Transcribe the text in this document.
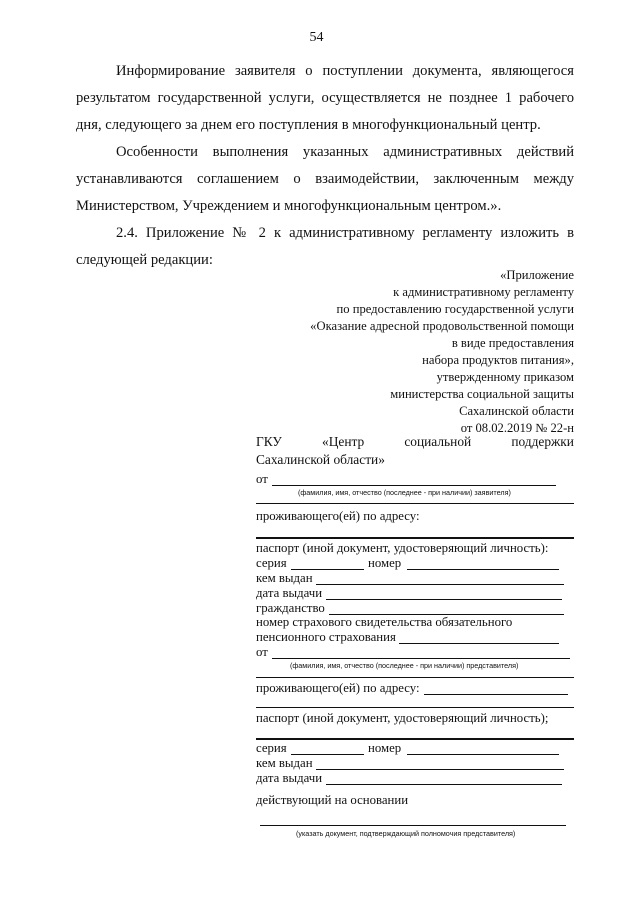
54

Информирование заявителя о поступлении документа, являющегося результатом государственной услуги, осуществляется не позднее 1 рабочего дня, следующего за днем его поступления в многофункциональный центр.

Особенности выполнения указанных административных действий устанавливаются соглашением о взаимодействии, заключенным между Министерством, Учреждением и многофункциональным центром.».

2.4. Приложение № 2 к административному регламенту изложить в следующей редакции:

«Приложение
к административному регламенту
по предоставлению государственной услуги
«Оказание адресной продовольственной помощи
в виде предоставления
набора продуктов питания»,
утвержденному приказом
министерства социальной защиты
Сахалинской области
от 08.02.2019 № 22-н
ГКУ	«Центр	социальной	поддержки
Сахалинской области»
от
(фамилия, имя, отчество (последнее - при наличии) заявителя)
проживающего(ей) по адресу:
паспорт (иной документ, удостоверяющий личность):
серия	номер
кем выдан
дата выдачи
гражданство
номер страхового свидетельства обязательного
пенсионного страхования
от
(фамилия, имя, отчество (последнее - при наличии) представителя)
проживающего(ей) по адресу:
паспорт (иной документ, удостоверяющий личность);
серия	номер
кем выдан
дата выдачи
действующий на основании
(указать документ, подтверждающий полномочия представителя)
